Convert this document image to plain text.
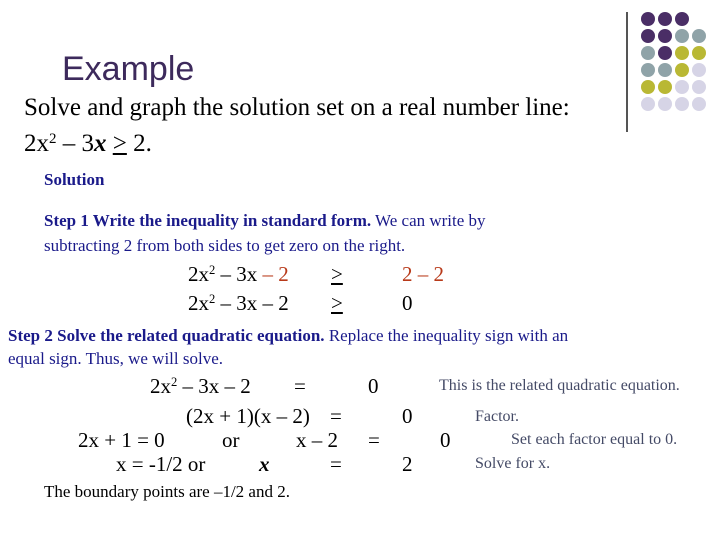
Example
Solve and graph the solution set on a real number line:
$2x^2 - 3x > 2$.
Solution
Step 1 Write the inequality in standard form. We can write by
subtracting 2 from both sides to get zero on the right.
$2x^2 - 3x - 2$ >	2 – 2
$2x^2 - 3x - 2$ >	0
Step 2 Solve the related quadratic equation. Replace the inequality sign with an
equal sign. Thus, we will solve.
$2x^2 - 3x - 2$ =	0	This is the related quadratic equation.
(2x + 1)(x – 2) =	0	Factor.
2x + 1 = 0	or	x – 2 =	0	Set each factor equal to 0.
x = -1/2 or	x	=	2	Solve for x.
The boundary points are –1/2 and 2.
